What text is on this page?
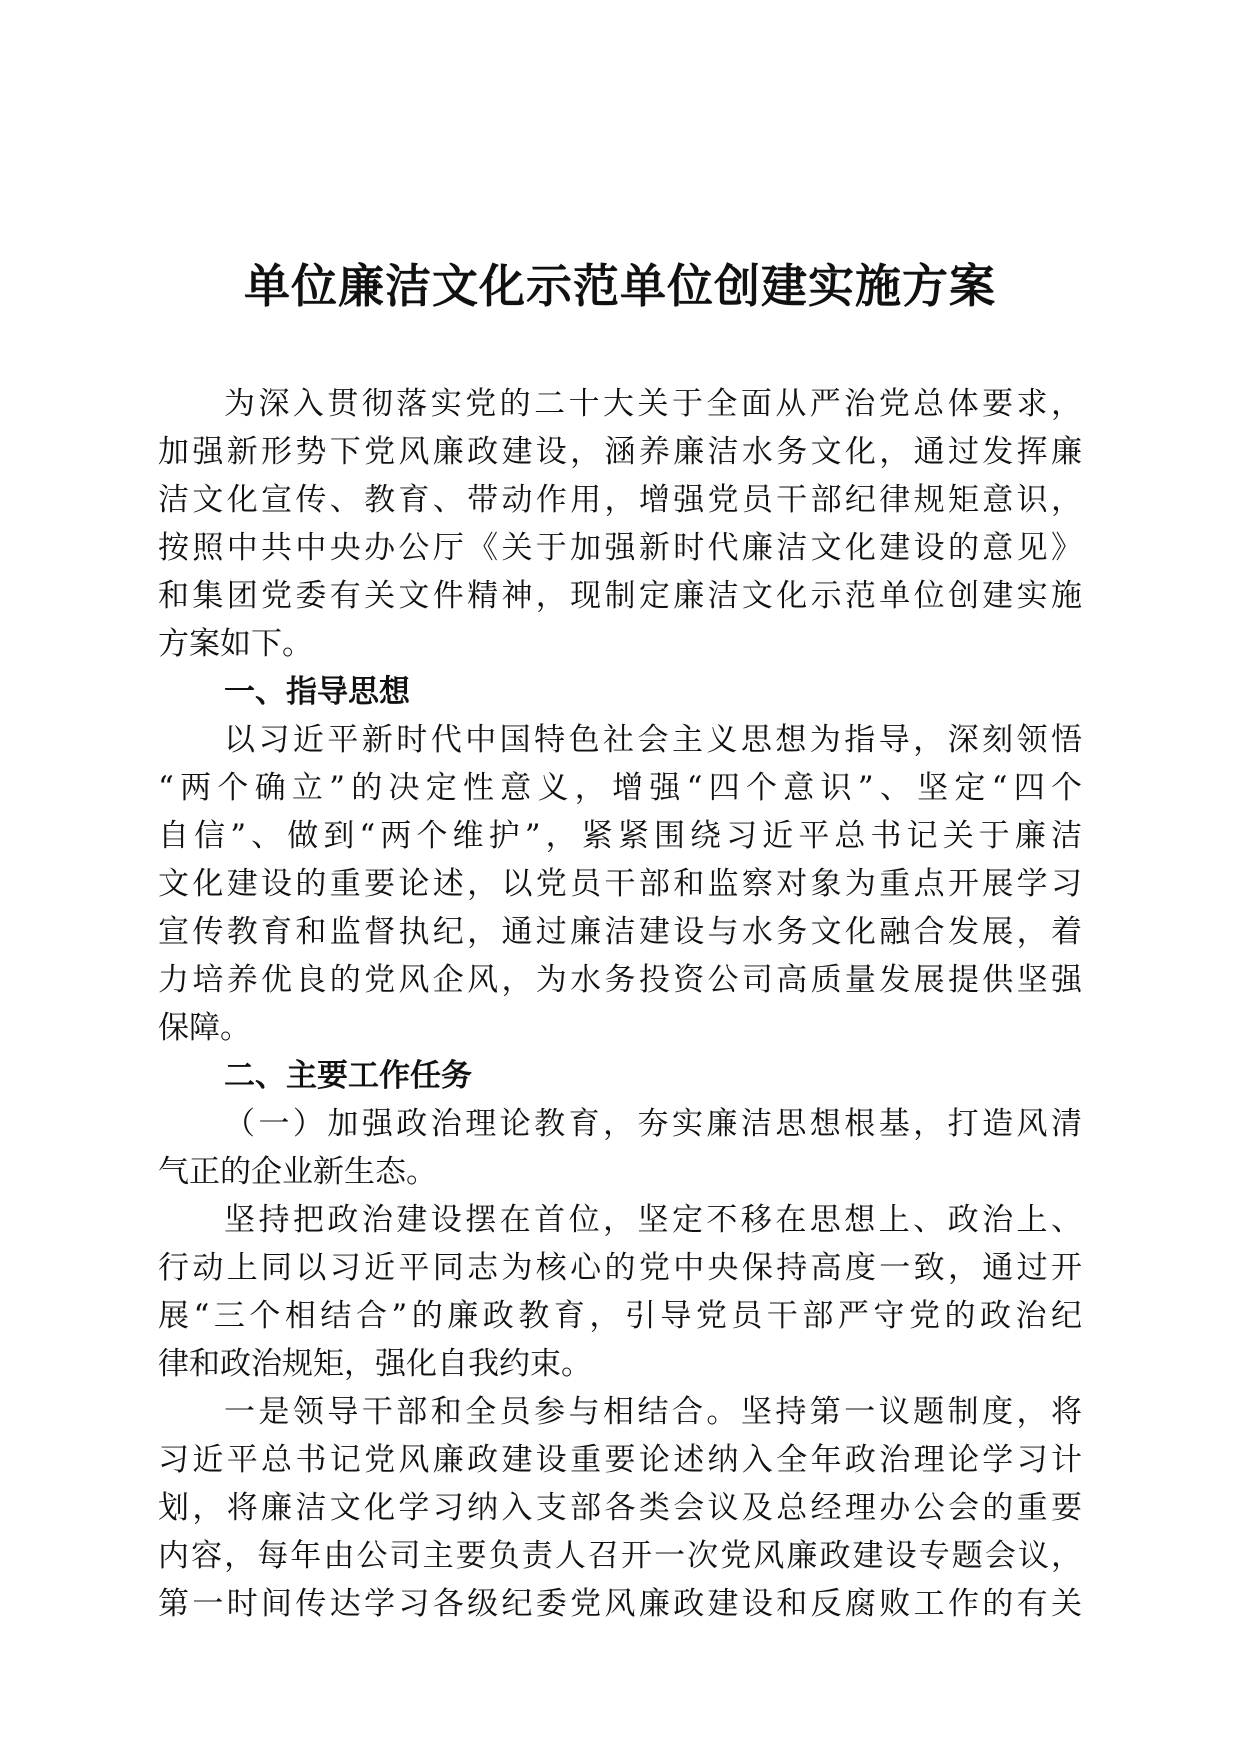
单位廉洁文化示范单位创建实施方案
为深入贯彻落实党的二十大关于全面从严治党总体要求，
加强新形势下党风廉政建设，涵养廉洁水务文化，通过发挥廉
洁文化宣传、教育、带动作用，增强党员干部纪律规矩意识，
按照中共中央办公厅《关于加强新时代廉洁文化建设的意见》
和集团党委有关文件精神，现制定廉洁文化示范单位创建实施
方案如下。
一、指导思想
以习近平新时代中国特色社会主义思想为指导，深刻领悟
“两个确立”的决定性意义，增强“四个意识”、坚定“四个
自信”、做到“两个维护”，紧紧围绕习近平总书记关于廉洁
文化建设的重要论述，以党员干部和监察对象为重点开展学习
宣传教育和监督执纪，通过廉洁建设与水务文化融合发展，着
力培养优良的党风企风，为水务投资公司高质量发展提供坚强
保障。
二、主要工作任务
（一）加强政治理论教育，夯实廉洁思想根基，打造风清
气正的企业新生态。
坚持把政治建设摆在首位，坚定不移在思想上、政治上、
行动上同以习近平同志为核心的党中央保持高度一致，通过开
展“三个相结合”的廉政教育，引导党员干部严守党的政治纪
律和政治规矩，强化自我约束。
一是领导干部和全员参与相结合。坚持第一议题制度，将
习近平总书记党风廉政建设重要论述纳入全年政治理论学习计
划，将廉洁文化学习纳入支部各类会议及总经理办公会的重要
内容，每年由公司主要负责人召开一次党风廉政建设专题会议，
第一时间传达学习各级纪委党风廉政建设和反腐败工作的有关
